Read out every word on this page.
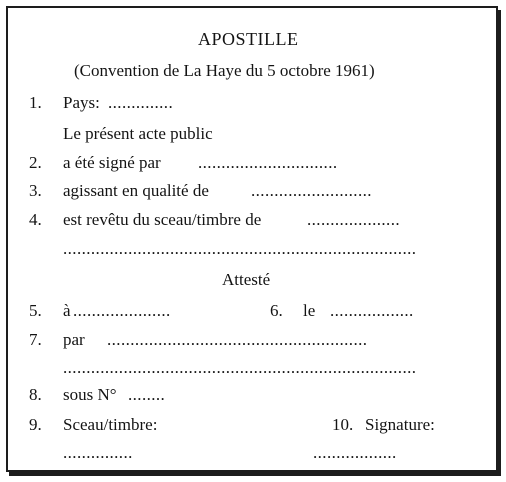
APOSTILLE
(Convention de La Haye du 5 octobre 1961)
1. Pays: ..............
Le présent acte public
2. a été signé par ..............................
3. agissant en qualité de ..........................
4. est revêtu du sceau/timbre de	....................
............................................................................
Attesté
5. à .....................	6. le ..................
7. par ........................................................
............................................................................
8. sous N° ........
9. Sceau/timbre:	10. Signature:
...............	..................
